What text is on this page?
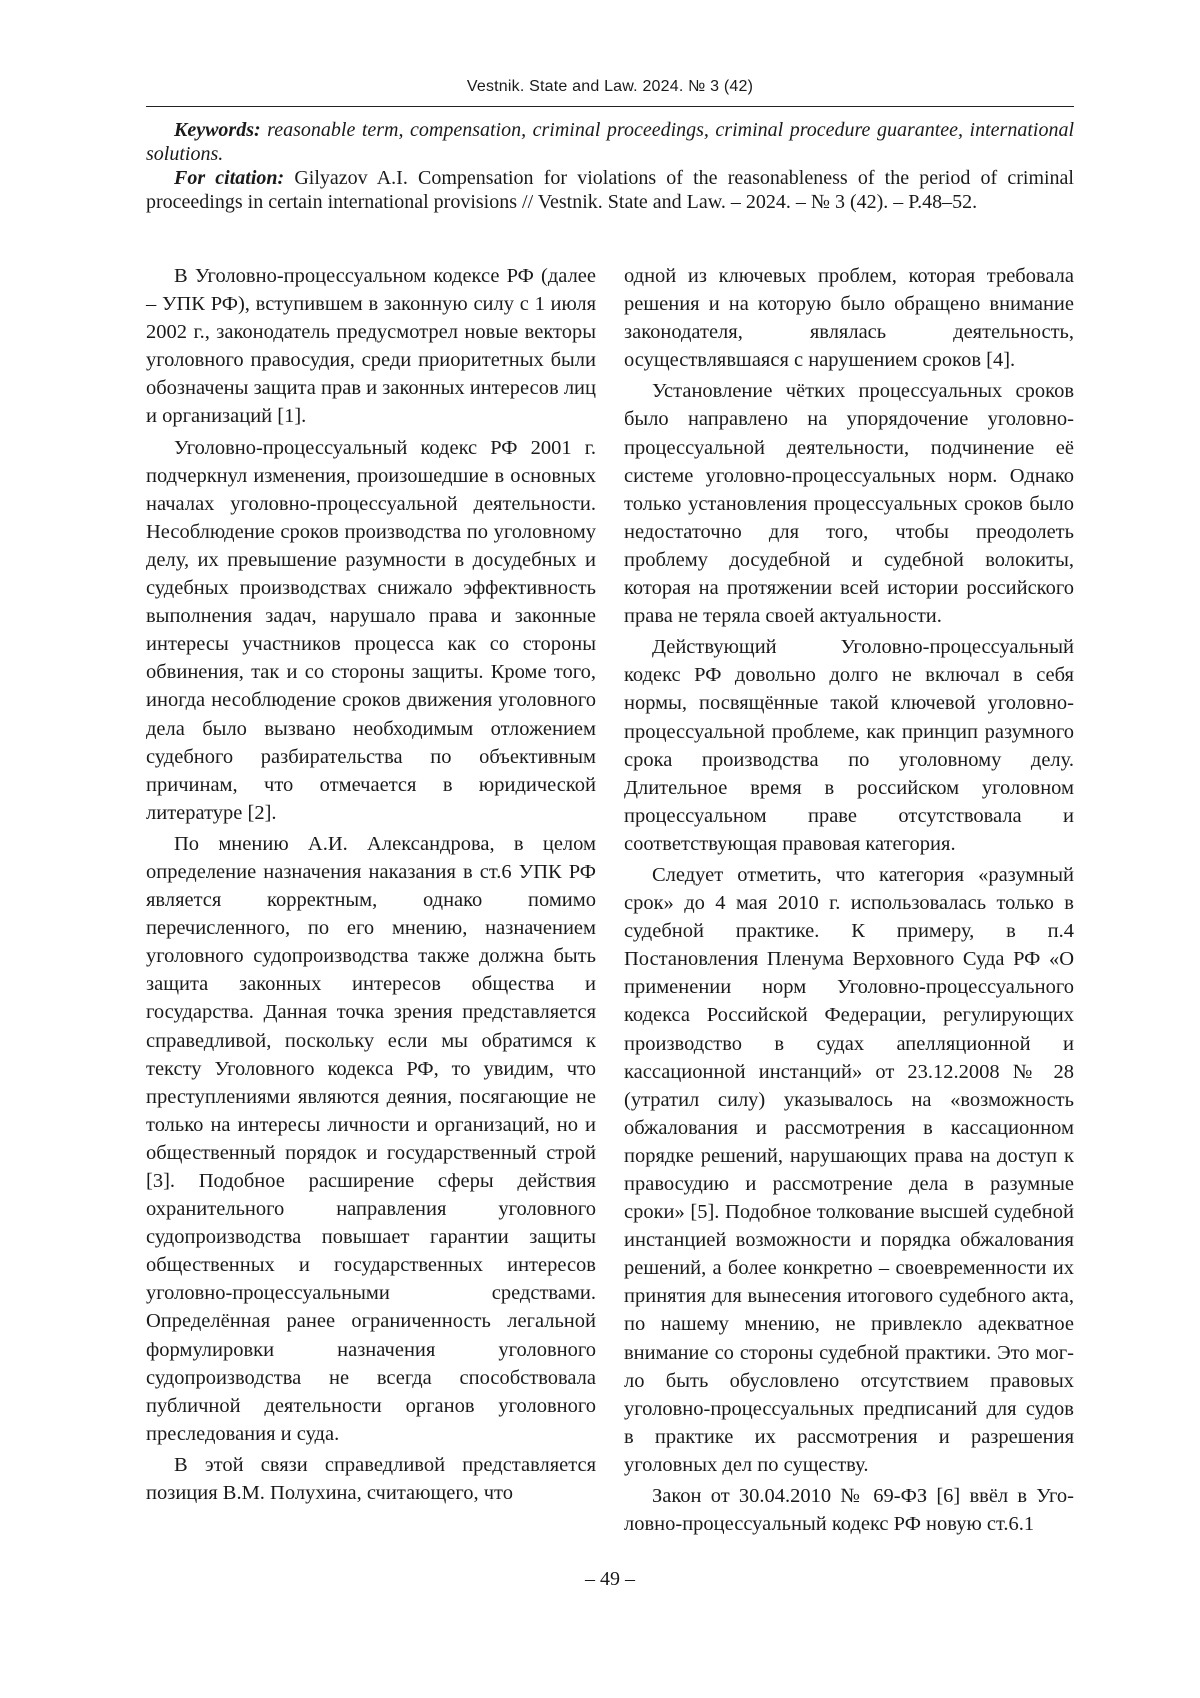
Vestnik. State and Law. 2024. № 3 (42)

Keywords: reasonable term, compensation, criminal proceedings, criminal procedure guarantee, international solutions.

For citation: Gilyazov A.I. Compensation for violations of the reasonableness of the period of criminal proceedings in certain international provisions // Vestnik. State and Law. – 2024. – № 3 (42). – P.48–52.

В Уголовно-процессуальном кодексе РФ (далее – УПК РФ), вступившем в законную силу с 1 июля 2002 г., законодатель предусмотрел новые векторы уголовного правосудия, среди приоритетных были обозначены защита прав и законных интересов лиц и организаций [1].

Уголовно-процессуальный кодекс РФ 2001 г. подчеркнул изменения, произошедшие в основных началах уголовно-процессуальной деятельности. Несоблюдение сроков производства по уголовному делу, их превышение разумности в досудебных и судебных производствах снижало эффективность выполнения задач, нарушало права и законные интересы участников процесса как со стороны обвинения, так и со стороны защиты. Кроме того, иногда несоблюдение сроков движения уголовного дела было вызвано необходимым отложением судебного разбирательства по объективным причинам, что отмечается в юридической литературе [2].

По мнению А.И. Александрова, в целом определение назначения наказания в ст.6 УПК РФ является корректным, однако помимо перечисленного, по его мнению, назначением уголовного судопроизводства также должна быть защита законных интересов общества и государства. Данная точка зрения представляется справедливой, поскольку если мы обратимся к тексту Уголовного кодекса РФ, то увидим, что преступлениями являются деяния, посягающие не только на интересы личности и организаций, но и общественный порядок и государственный строй [3]. Подобное расширение сферы действия охранительного направления уголовного судопроизводства повышает гарантии защиты общественных и государственных интересов уголовно-процессуальными средствами. Определённая ранее ограниченность легальной формулировки назначения уголовного судопроизводства не всегда способствовала публичной деятельности органов уголовного преследования и суда.

В этой связи справедливой представляется позиция В.М. Полухина, считающего, что

одной из ключевых проблем, которая требовала решения и на которую было обращено внимание законодателя, являлась деятельность, осуществлявшаяся с нарушением сроков [4].

Установление чётких процессуальных сроков было направлено на упорядочение уголовно-процессуальной деятельности, подчинение её системе уголовно-процессуальных норм. Однако только установления процессуальных сроков было недостаточно для того, чтобы преодолеть проблему досудебной и судебной волокиты, которая на протяжении всей истории российского права не теряла своей актуальности.

Действующий Уголовно-процессуальный кодекс РФ довольно долго не включал в себя нормы, посвящённые такой ключевой уголовно-процессуальной проблеме, как принцип разумного срока производства по уголовному делу. Длительное время в российском уголовном процессуальном праве отсутствовала и соответствующая правовая категория.

Следует отметить, что категория «разумный срок» до 4 мая 2010 г. использовалась только в судебной практике. К примеру, в п.4 Постановления Пленума Верховного Суда РФ «О применении норм Уголовно-процессуального кодекса Российской Федерации, регулирующих производство в судах апелляционной и кассационной инстанций» от 23.12.2008 № 28 (утратил силу) указывалось на «возможность обжалования и рассмотрения в кассационном порядке решений, нарушающих права на доступ к правосудию и рассмотрение дела в разумные сроки» [5]. Подобное толкование высшей судебной инстанцией возможности и порядка обжалования решений, а более конкретно – своевременности их принятия для вынесения итогового судебного акта, по нашему мнению, не привлекло адекватное внимание со стороны судебной практики. Это могло быть обусловлено отсутствием правовых уголовно-процессуальных предписаний для судов в практике их рассмотрения и разрешения уголовных дел по существу.

Закон от 30.04.2010 № 69-ФЗ [6] ввёл в Уголовно-процессуальный кодекс РФ новую ст.6.1

– 49 –
